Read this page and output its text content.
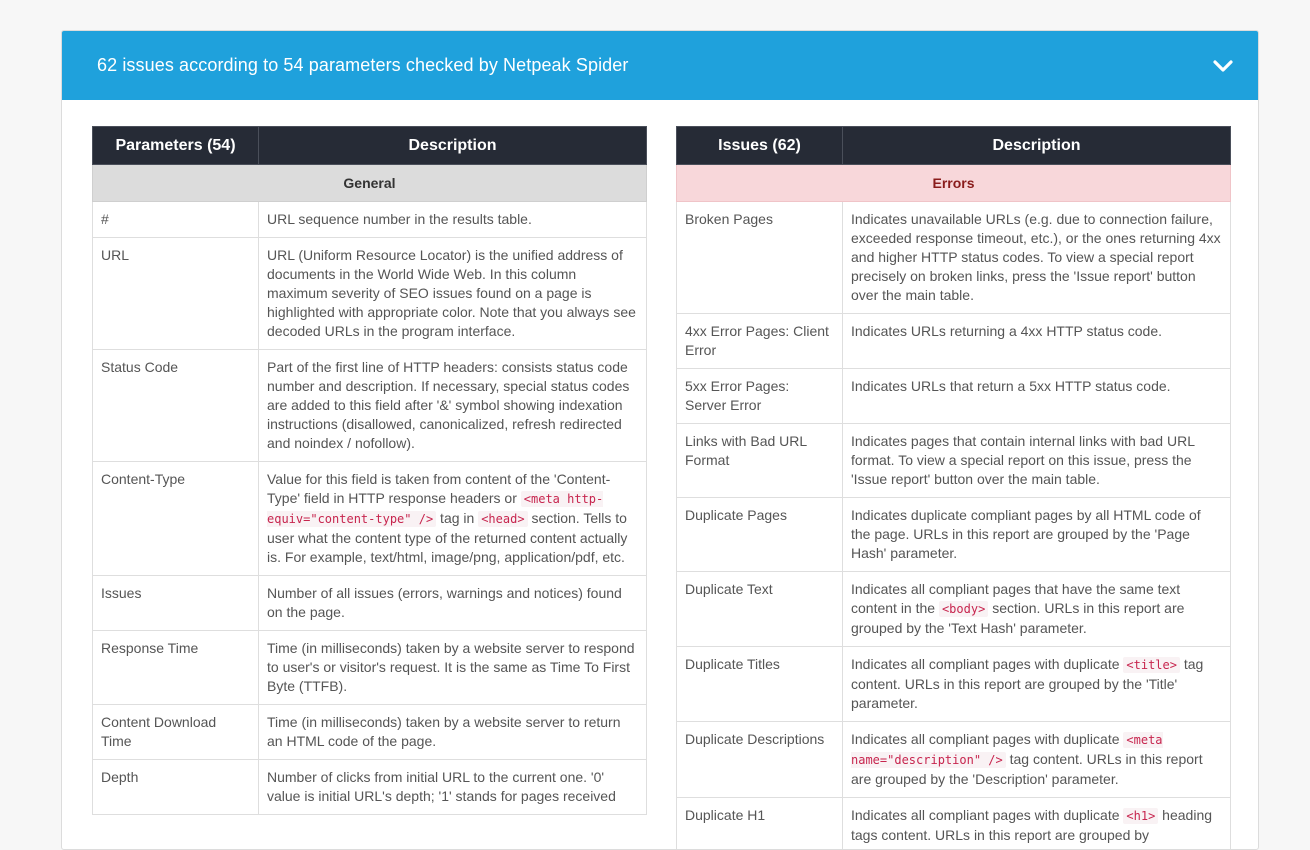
62 issues according to 54 parameters checked by Netpeak Spider
Parameters (54)	Description
General	
#	URL sequence number in the results table.
URL	URL (Uniform Resource Locator) is the unified address of documents in the World Wide Web. In this column maximum severity of SEO issues found on a page is highlighted with appropriate color. Note that you always see decoded URLs in the program interface.
Status Code	Part of the first line of HTTP headers: consists status code number and description. If necessary, special status codes are added to this field after '&' symbol showing indexation instructions (disallowed, canonicalized, refresh redirected and noindex / nofollow).
Content-Type	Value for this field is taken from content of the 'Content-Type' field in HTTP response headers or <meta http-equiv="content-type" /> tag in <head> section. Tells to user what the content type of the returned content actually is. For example, text/html, image/png, application/pdf, etc.
Issues	Number of all issues (errors, warnings and notices) found on the page.
Response Time	Time (in milliseconds) taken by a website server to respond to user's or visitor's request. It is the same as Time To First Byte (TTFB).
Content Download Time	Time (in milliseconds) taken by a website server to return an HTML code of the page.
Depth	Number of clicks from initial URL to the current one. '0' value is initial URL's depth; '1' stands for pages received
Issues (62)	Description
Errors	
Broken Pages	Indicates unavailable URLs (e.g. due to connection failure, exceeded response timeout, etc.), or the ones returning 4xx and higher HTTP status codes. To view a special report precisely on broken links, press the 'Issue report' button over the main table.
4xx Error Pages: Client Error	Indicates URLs returning a 4xx HTTP status code.
5xx Error Pages: Server Error	Indicates URLs that return a 5xx HTTP status code.
Links with Bad URL Format	Indicates pages that contain internal links with bad URL format. To view a special report on this issue, press the 'Issue report' button over the main table.
Duplicate Pages	Indicates duplicate compliant pages by all HTML code of the page. URLs in this report are grouped by the 'Page Hash' parameter.
Duplicate Text	Indicates all compliant pages that have the same text content in the <body> section. URLs in this report are grouped by the 'Text Hash' parameter.
Duplicate Titles	Indicates all compliant pages with duplicate <title> tag content. URLs in this report are grouped by the 'Title' parameter.
Duplicate Descriptions	Indicates all compliant pages with duplicate <meta name="description" /> tag content. URLs in this report are grouped by the 'Description' parameter.
Duplicate H1	Indicates all compliant pages with duplicate <h1> heading tags content. URLs in this report are grouped by
